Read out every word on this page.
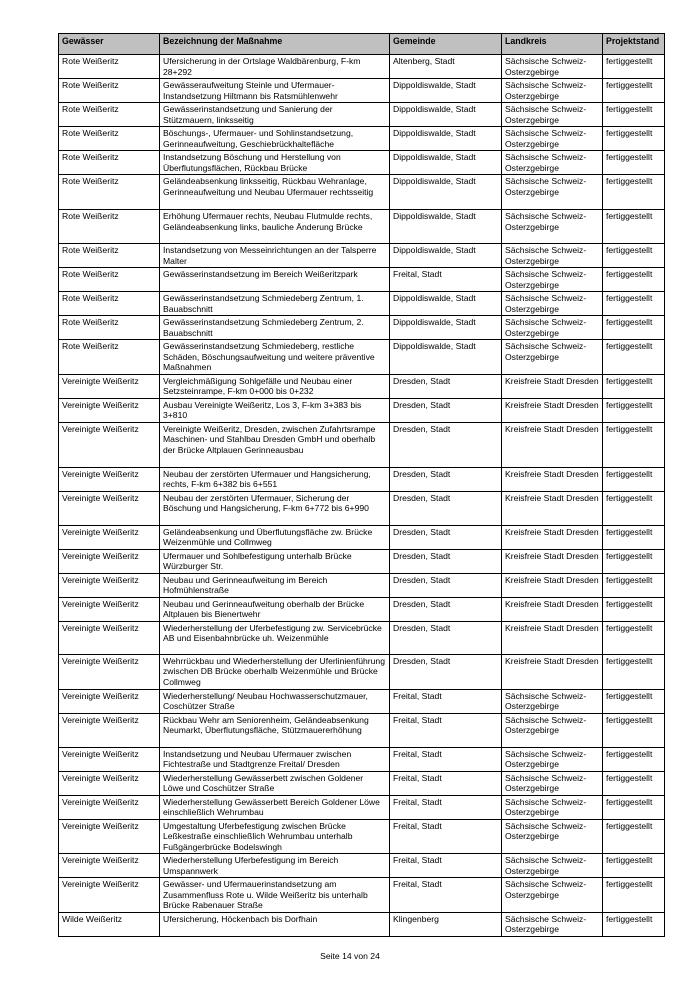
Gewässer	Bezeichnung der Maßnahme	Gemeinde	Landkreis	Projektstand
Rote Weißeritz	Ufersicherung in der Ortslage Waldbärenburg, F-km 28+292	Altenberg, Stadt	Sächsische Schweiz-Osterzgebirge	fertiggestellt
Rote Weißeritz	Gewässeraufweitung Steinle und Ufermauer-Instandsetzung Hiltmann bis Ratsmühlenwehr	Dippoldiswalde, Stadt	Sächsische Schweiz-Osterzgebirge	fertiggestellt
Rote Weißeritz	Gewässerinstandsetzung und Sanierung der Stützmauern, linksseitig	Dippoldiswalde, Stadt	Sächsische Schweiz-Osterzgebirge	fertiggestellt
Rote Weißeritz	Böschungs-, Ufermauer- und Sohlinstandsetzung, Gerinneaufweitung, Geschiebrückhaltefläche	Dippoldiswalde, Stadt	Sächsische Schweiz-Osterzgebirge	fertiggestellt
Rote Weißeritz	Instandsetzung Böschung und Herstellung von Überflutungsflächen, Rückbau Brücke	Dippoldiswalde, Stadt	Sächsische Schweiz-Osterzgebirge	fertiggestellt
Rote Weißeritz	Geländeabsenkung linksseitig, Rückbau Wehranlage, Gerinneaufweitung und Neubau Ufermauer rechtsseitig	Dippoldiswalde, Stadt	Sächsische Schweiz-Osterzgebirge	fertiggestellt
Rote Weißeritz	Erhöhung Ufermauer rechts, Neubau Flutmulde rechts, Geländeabsenkung links, bauliche Änderung Brücke	Dippoldiswalde, Stadt	Sächsische Schweiz-Osterzgebirge	fertiggestellt
Rote Weißeritz	Instandsetzung von Messeinrichtungen an der Talsperre Malter	Dippoldiswalde, Stadt	Sächsische Schweiz-Osterzgebirge	fertiggestellt
Rote Weißeritz	Gewässerinstandsetzung im Bereich Weißeritzpark	Freital, Stadt	Sächsische Schweiz-Osterzgebirge	fertiggestellt
Rote Weißeritz	Gewässerinstandsetzung Schmiedeberg Zentrum, 1. Bauabschnitt	Dippoldiswalde, Stadt	Sächsische Schweiz-Osterzgebirge	fertiggestellt
Rote Weißeritz	Gewässerinstandsetzung Schmiedeberg Zentrum, 2. Bauabschnitt	Dippoldiswalde, Stadt	Sächsische Schweiz-Osterzgebirge	fertiggestellt
Rote Weißeritz	Gewässerinstandsetzung Schmiedeberg, restliche Schäden, Böschungsaufweitung und weitere präventive Maßnahmen	Dippoldiswalde, Stadt	Sächsische Schweiz-Osterzgebirge	fertiggestellt
Vereinigte Weißeritz	Vergleichmäßigung Sohlgefälle und Neubau einer Setzsteinrampe, F-km 0+000 bis 0+232	Dresden, Stadt	Kreisfreie Stadt Dresden	fertiggestellt
Vereinigte Weißeritz	Ausbau Vereinigte Weißeritz, Los 3, F-km 3+383 bis 3+810	Dresden, Stadt	Kreisfreie Stadt Dresden	fertiggestellt
Vereinigte Weißeritz	Vereinigte Weißeritz, Dresden, zwischen Zufahrtsrampe Maschinen- und Stahlbau Dresden GmbH und oberhalb der Brücke Altplauen Gerinneausbau	Dresden, Stadt	Kreisfreie Stadt Dresden	fertiggestellt
Vereinigte Weißeritz	Neubau der zerstörten Ufermauer und Hangsicherung, rechts, F-km 6+382 bis 6+551	Dresden, Stadt	Kreisfreie Stadt Dresden	fertiggestellt
Vereinigte Weißeritz	Neubau der zerstörten Ufermauer, Sicherung der Böschung und Hangsicherung, F-km 6+772 bis 6+990	Dresden, Stadt	Kreisfreie Stadt Dresden	fertiggestellt
Vereinigte Weißeritz	Geländeabsenkung und Überflutungsfläche zw. Brücke Weizenmühle und Collmweg	Dresden, Stadt	Kreisfreie Stadt Dresden	fertiggestellt
Vereinigte Weißeritz	Ufermauer und Sohlbefestigung unterhalb Brücke Würzburger Str.	Dresden, Stadt	Kreisfreie Stadt Dresden	fertiggestellt
Vereinigte Weißeritz	Neubau und Gerinneaufweitung im Bereich Hofmühlenstraße	Dresden, Stadt	Kreisfreie Stadt Dresden	fertiggestellt
Vereinigte Weißeritz	Neubau und Gerinneaufweitung oberhalb der Brücke Altplauen bis Bienertwehr	Dresden, Stadt	Kreisfreie Stadt Dresden	fertiggestellt
Vereinigte Weißeritz	Wiederherstellung der Uferbefestigung zw. Servicebrücke AB und Eisenbahnbrücke uh. Weizenmühle	Dresden, Stadt	Kreisfreie Stadt Dresden	fertiggestellt
Vereinigte Weißeritz	Wehrrückbau und Wiederherstellung der Uferlinienführung zwischen DB Brücke oberhalb Weizenmühle und Brücke Collmweg	Dresden, Stadt	Kreisfreie Stadt Dresden	fertiggestellt
Vereinigte Weißeritz	Wiederherstellung/ Neubau Hochwasserschutzmauer, Coschützer Straße	Freital, Stadt	Sächsische Schweiz-Osterzgebirge	fertiggestellt
Vereinigte Weißeritz	Rückbau Wehr am Seniorenheim, Geländeabsenkung Neumarkt, Überflutungsfläche, Stützmauererhöhung	Freital, Stadt	Sächsische Schweiz-Osterzgebirge	fertiggestellt
Vereinigte Weißeritz	Instandsetzung und Neubau Ufermauer zwischen Fichtestraße und Stadtgrenze Freital/ Dresden	Freital, Stadt	Sächsische Schweiz-Osterzgebirge	fertiggestellt
Vereinigte Weißeritz	Wiederherstellung Gewässerbett zwischen Goldener Löwe und Coschützer Straße	Freital, Stadt	Sächsische Schweiz-Osterzgebirge	fertiggestellt
Vereinigte Weißeritz	Wiederherstellung Gewässerbett Bereich Goldener Löwe einschließlich Wehrumbau	Freital, Stadt	Sächsische Schweiz-Osterzgebirge	fertiggestellt
Vereinigte Weißeritz	Umgestaltung Uferbefestigung zwischen Brücke Leßkestraße einschließlich Wehrumbau unterhalb Fußgängerbrücke Bodelswingh	Freital, Stadt	Sächsische Schweiz-Osterzgebirge	fertiggestellt
Vereinigte Weißeritz	Wiederherstellung Uferbefestigung im Bereich Umspannwerk	Freital, Stadt	Sächsische Schweiz-Osterzgebirge	fertiggestellt
Vereinigte Weißeritz	Gewässer- und Ufermauerinstandsetzung am Zusammenfluss Rote u. Wilde Weißeritz bis unterhalb Brücke Rabenauer Straße	Freital, Stadt	Sächsische Schweiz-Osterzgebirge	fertiggestellt
Wilde Weißeritz	Ufersicherung, Höckenbach bis Dorfhain	Klingenberg	Sächsische Schweiz-Osterzgebirge	fertiggestellt
Seite 14 von 24
